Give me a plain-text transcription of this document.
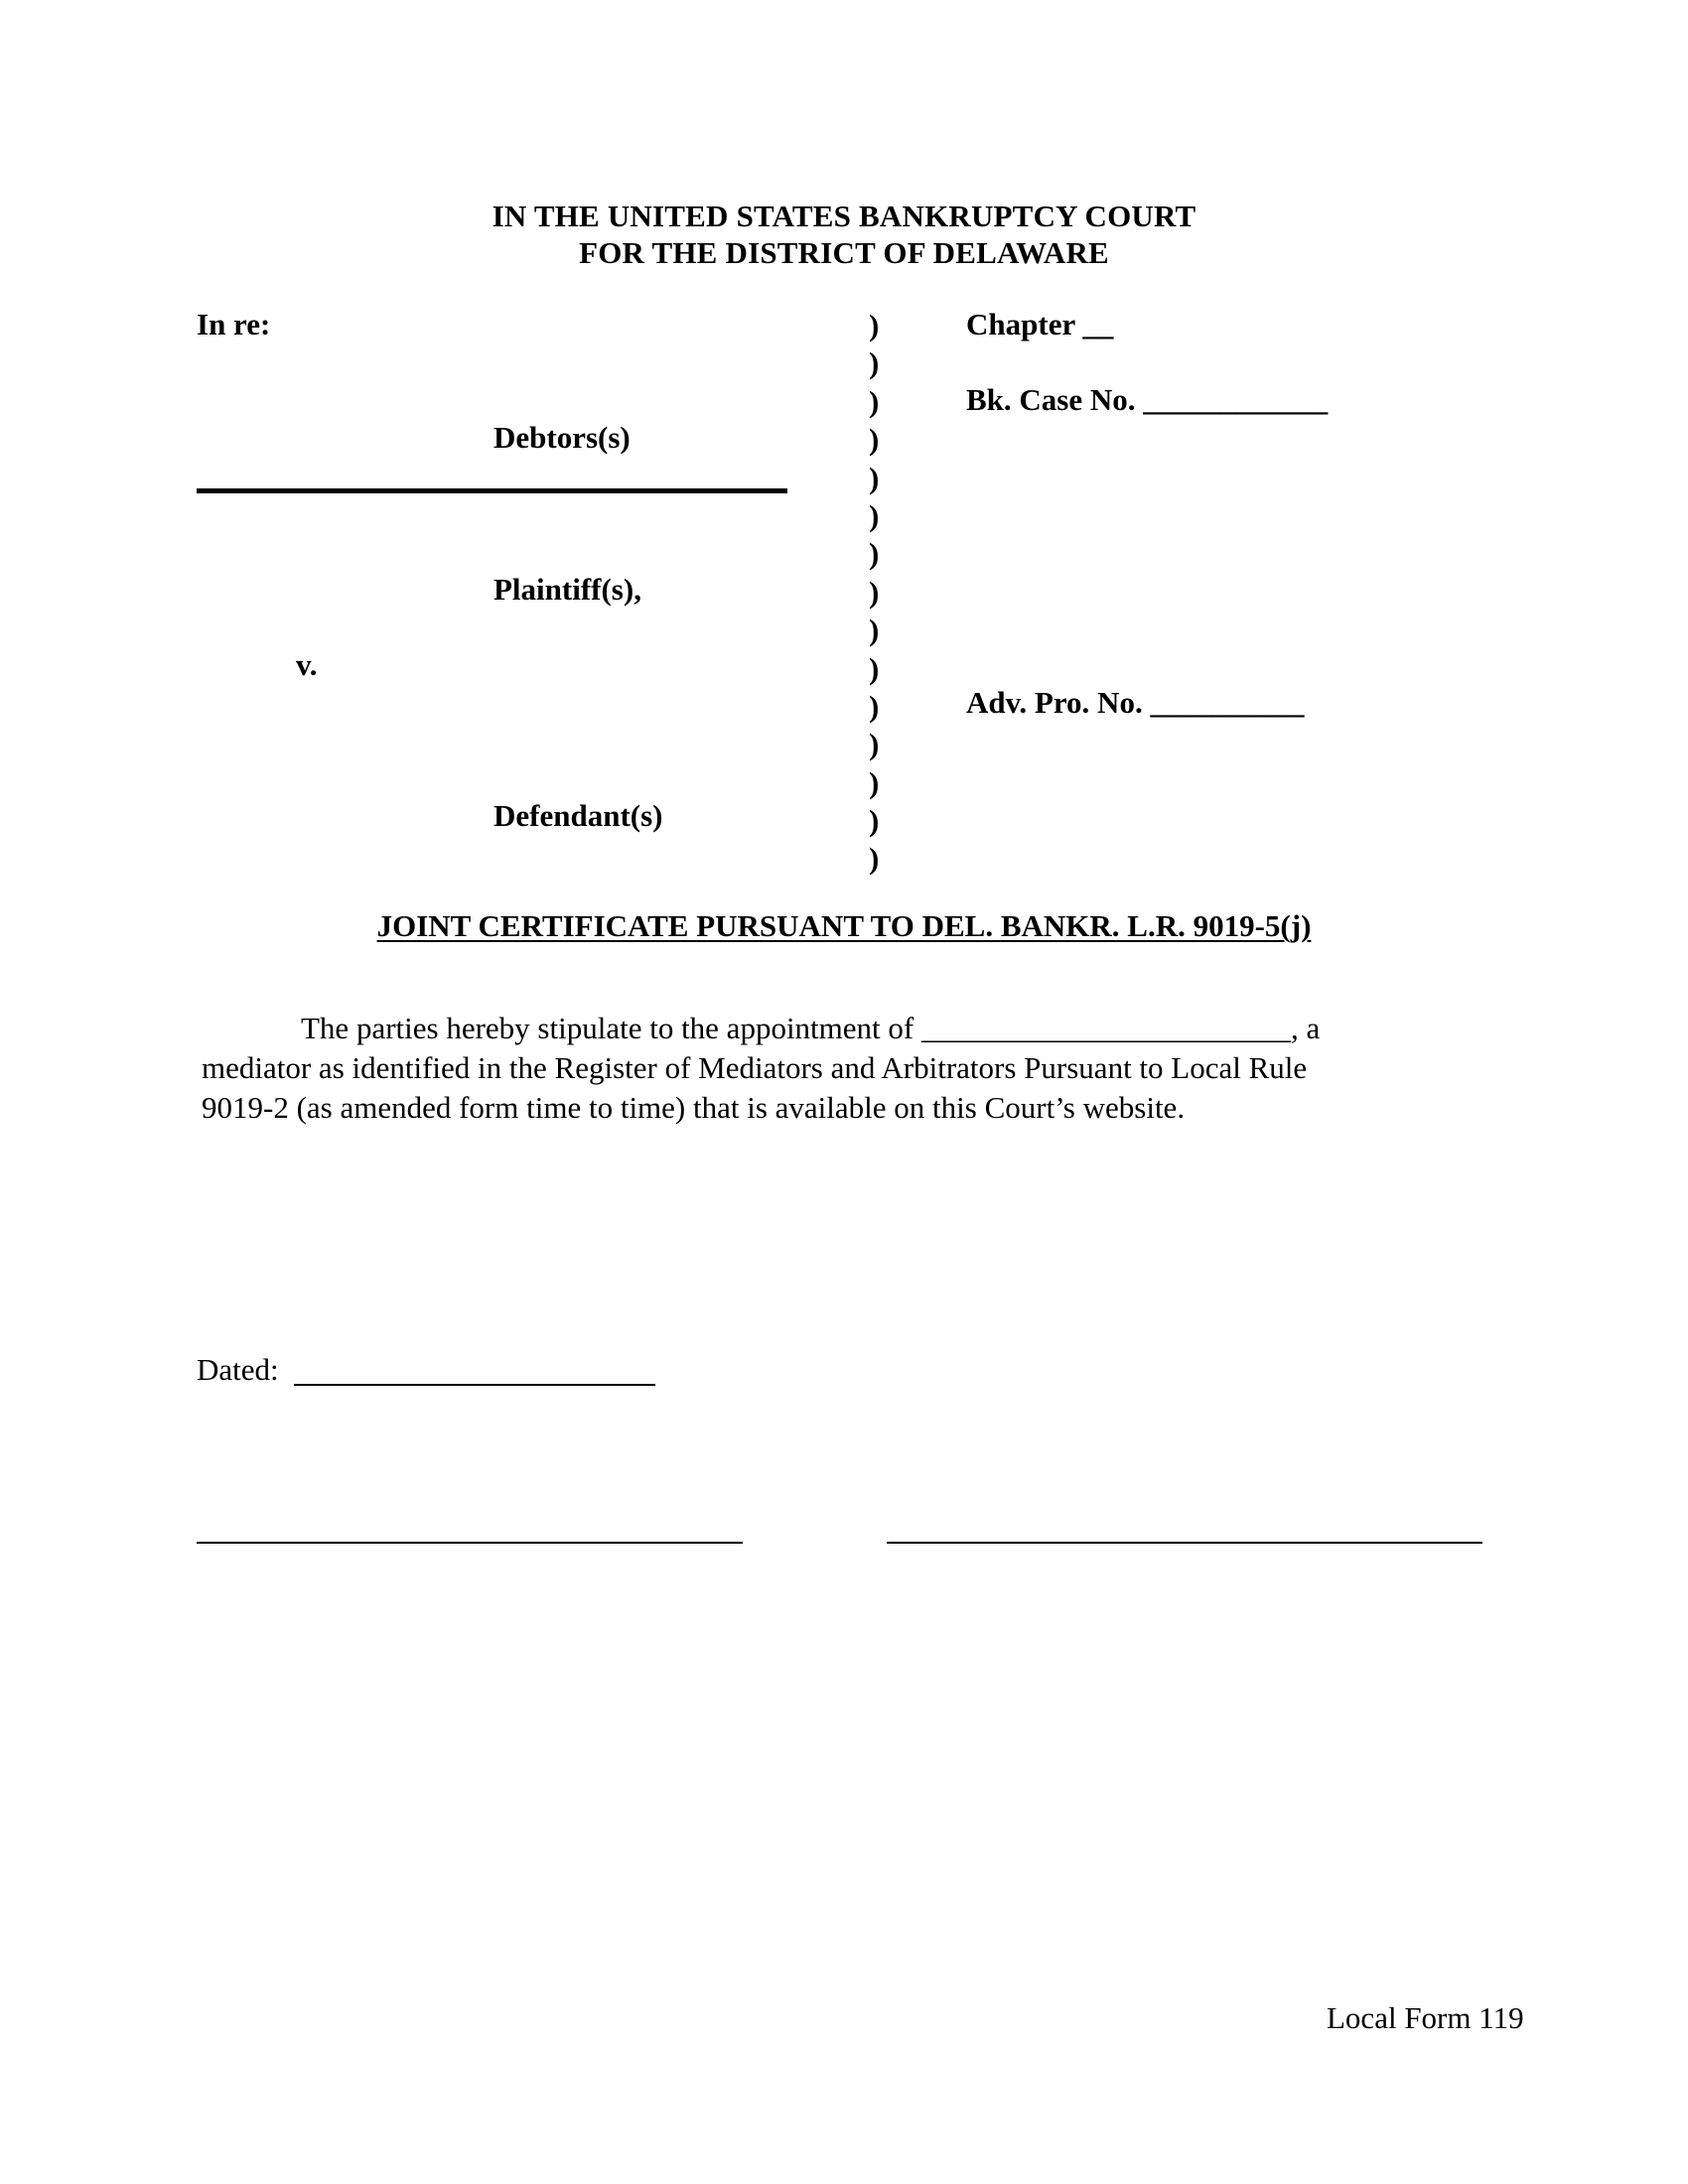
IN THE UNITED STATES BANKRUPTCY COURT
FOR THE DISTRICT OF DELAWARE
In re:
Debtors(s)
Plaintiff(s),
v.
Defendant(s)
)
)
)
)
)
)
)
)
)
)
)
)
)
)
)
Chapter __
Bk. Case No. ____________
Adv. Pro. No. __________
JOINT CERTIFICATE PURSUANT TO DEL. BANKR. L.R. 9019-5(j)
The parties hereby stipulate to the appointment of ________________________, a
mediator as identified in the Register of Mediators and Arbitrators Pursuant to Local Rule
9019-2 (as amended form time to time) that is available on this Court’s website.
Dated:
Local Form 119
